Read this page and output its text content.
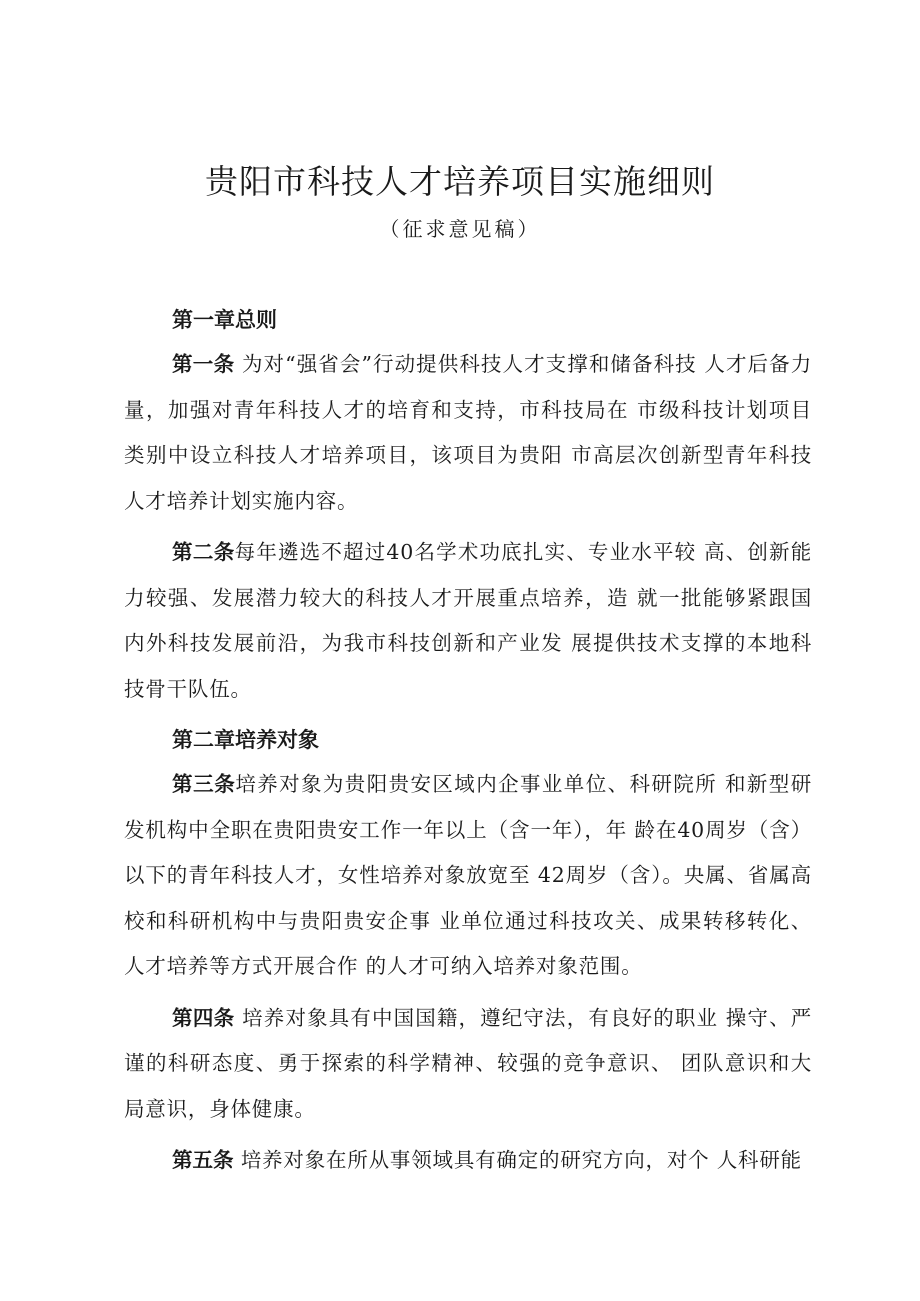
贵阳市科技人才培养项目实施细则

（征求意见稿）

第一章总则

第一条 为对“强省会”行动提供科技人才支撑和储备科技 人才后备力量，加强对青年科技人才的培育和支持，市科技局在 市级科技计划项目类别中设立科技人才培养项目，该项目为贵阳 市高层次创新型青年科技人才培养计划实施内容。

第二条每年遴选不超过40名学术功底扎实、专业水平较 高、创新能力较强、发展潜力较大的科技人才开展重点培养，造 就一批能够紧跟国内外科技发展前沿，为我市科技创新和产业发 展提供技术支撑的本地科技骨干队伍。

第二章培养对象

第三条培养对象为贵阳贵安区域内企事业单位、科研院所 和新型研发机构中全职在贵阳贵安工作一年以上（含一年），年 龄在40周岁（含）以下的青年科技人才，女性培养对象放宽至 42周岁（含）。央属、省属高校和科研机构中与贵阳贵安企事 业单位通过科技攻关、成果转移转化、人才培养等方式开展合作 的人才可纳入培养对象范围。

第四条 培养对象具有中国国籍，遵纪守法，有良好的职业 操守、严谨的科研态度、勇于探索的科学精神、较强的竞争意识、 团队意识和大局意识，身体健康。

第五条 培养对象在所从事领域具有确定的研究方向，对个 人科研能
